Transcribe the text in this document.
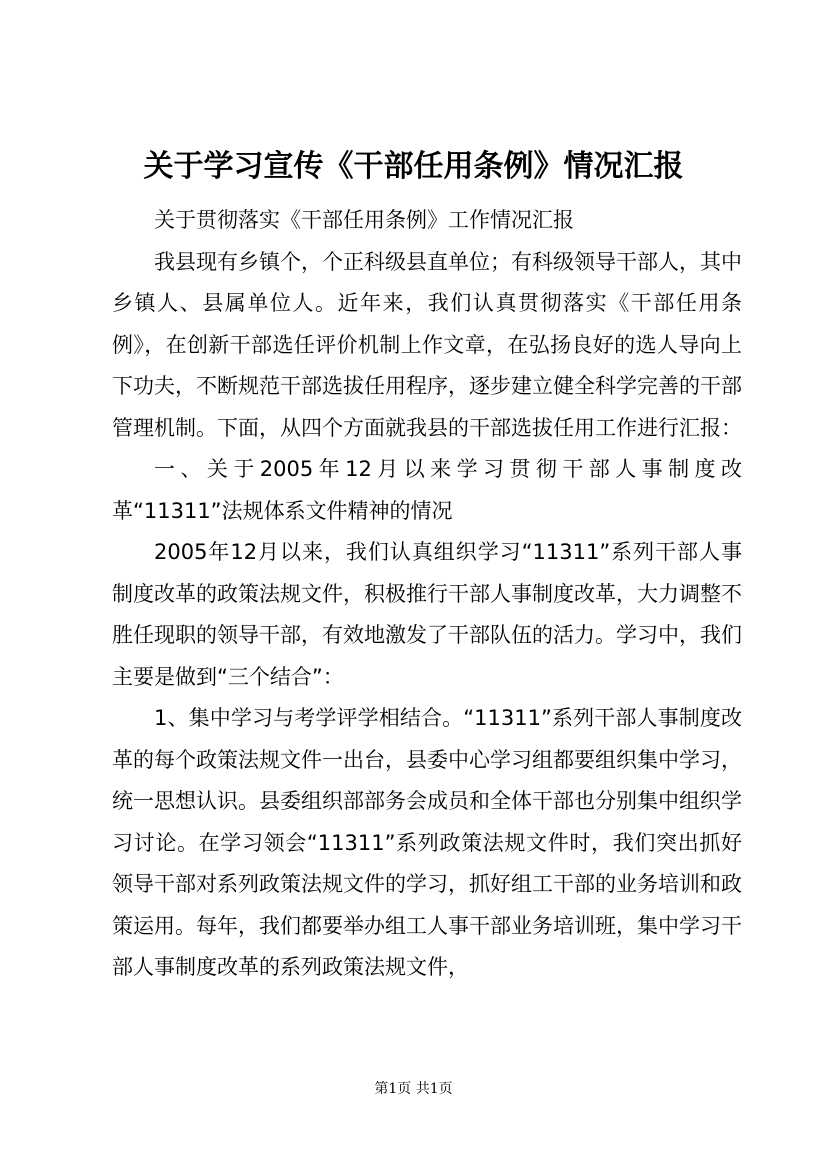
关于学习宣传《干部任用条例》情况汇报

关于贯彻落实《干部任用条例》工作情况汇报

我县现有乡镇个，个正科级县直单位；有科级领导干部人，其中乡镇人、县属单位人。近年来，我们认真贯彻落实《干部任用条例》，在创新干部选任评价机制上作文章，在弘扬良好的选人导向上下功夫，不断规范干部选拔任用程序，逐步建立健全科学完善的干部管理机制。下面，从四个方面就我县的干部选拔任用工作进行汇报：

一、关于2005年12月以来学习贯彻干部人事制度改革“11311”法规体系文件精神的情况

2005年12月以来，我们认真组织学习“11311”系列干部人事制度改革的政策法规文件，积极推行干部人事制度改革，大力调整不胜任现职的领导干部，有效地激发了干部队伍的活力。学习中，我们主要是做到“三个结合”：

1、集中学习与考学评学相结合。“11311”系列干部人事制度改革的每个政策法规文件一出台，县委中心学习组都要组织集中学习，统一思想认识。县委组织部部务会成员和全体干部也分别集中组织学习讨论。在学习领会“11311”系列政策法规文件时，我们突出抓好领导干部对系列政策法规文件的学习，抓好组工干部的业务培训和政策运用。每年，我们都要举办组工人事干部业务培训班，集中学习干部人事制度改革的系列政策法规文件，

第1页 共1页
